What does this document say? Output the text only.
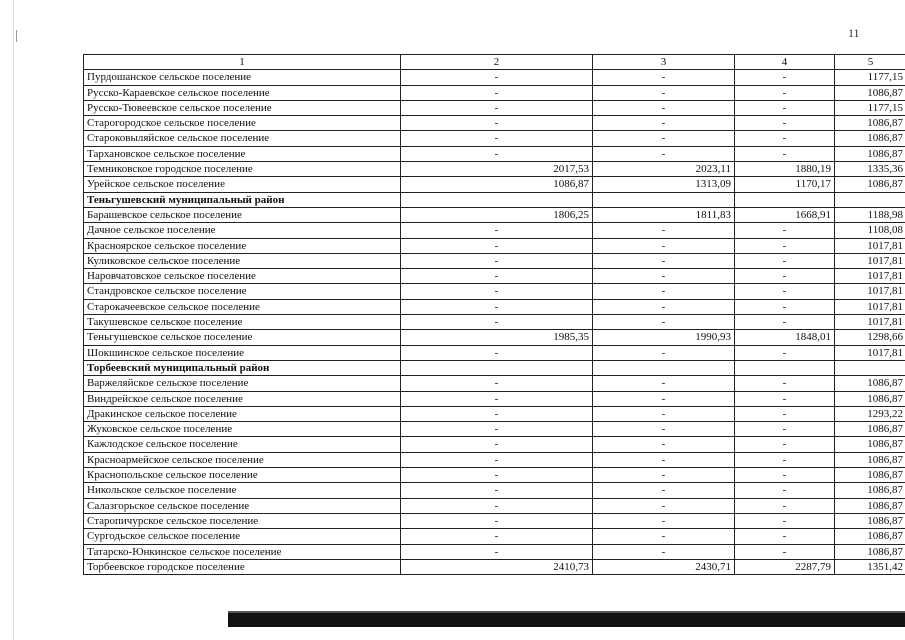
11
1	2	3	4	5
Пурдошанское сельское поселение	-	-	-	1177,15
Русско-Караевское сельское поселение	-	-	-	1086,87
Русско-Тювеевское сельское поселение	-	-	-	1177,15
Старогородское сельское поселение	-	-	-	1086,87
Староковыляйское сельское поселение	-	-	-	1086,87
Тархановское сельское поселение	-	-	-	1086,87
Темниковское городское поселение	2017,53	2023,11	1880,19	1335,36
Урейское сельское поселение	1086,87	1313,09	1170,17	1086,87
Теньгушевский муниципальный район				
Барашевское сельское поселение	1806,25	1811,83	1668,91	1188,98
Дачное сельское поселение	-	-	-	1108,08
Красноярское сельское поселение	-	-	-	1017,81
Куликовское сельское поселение	-	-	-	1017,81
Наровчатовское сельское поселение	-	-	-	1017,81
Стандровское сельское поселение	-	-	-	1017,81
Старокачеевское сельское поселение	-	-	-	1017,81
Такушевское сельское поселение	-	-	-	1017,81
Теньгушевское сельское поселение	1985,35	1990,93	1848,01	1298,66
Шокшинское сельское поселение	-	-	-	1017,81
Торбеевский муниципальный район				
Варжеляйское сельское поселение	-	-	-	1086,87
Виндрейское сельское поселение	-	-	-	1086,87
Дракинское сельское поселение	-	-	-	1293,22
Жуковское сельское поселение	-	-	-	1086,87
Кажлодское сельское поселение	-	-	-	1086,87
Красноармейское сельское поселение	-	-	-	1086,87
Краснопольское сельское поселение	-	-	-	1086,87
Никольское сельское поселение	-	-	-	1086,87
Салазгорьское сельское поселение	-	-	-	1086,87
Старопичурское сельское поселение	-	-	-	1086,87
Сургодьское сельское поселение	-	-	-	1086,87
Татарско-Юнкинское сельское поселение	-	-	-	1086,87
Торбеевское городское поселение	2410,73	2430,71	2287,79	1351,42
